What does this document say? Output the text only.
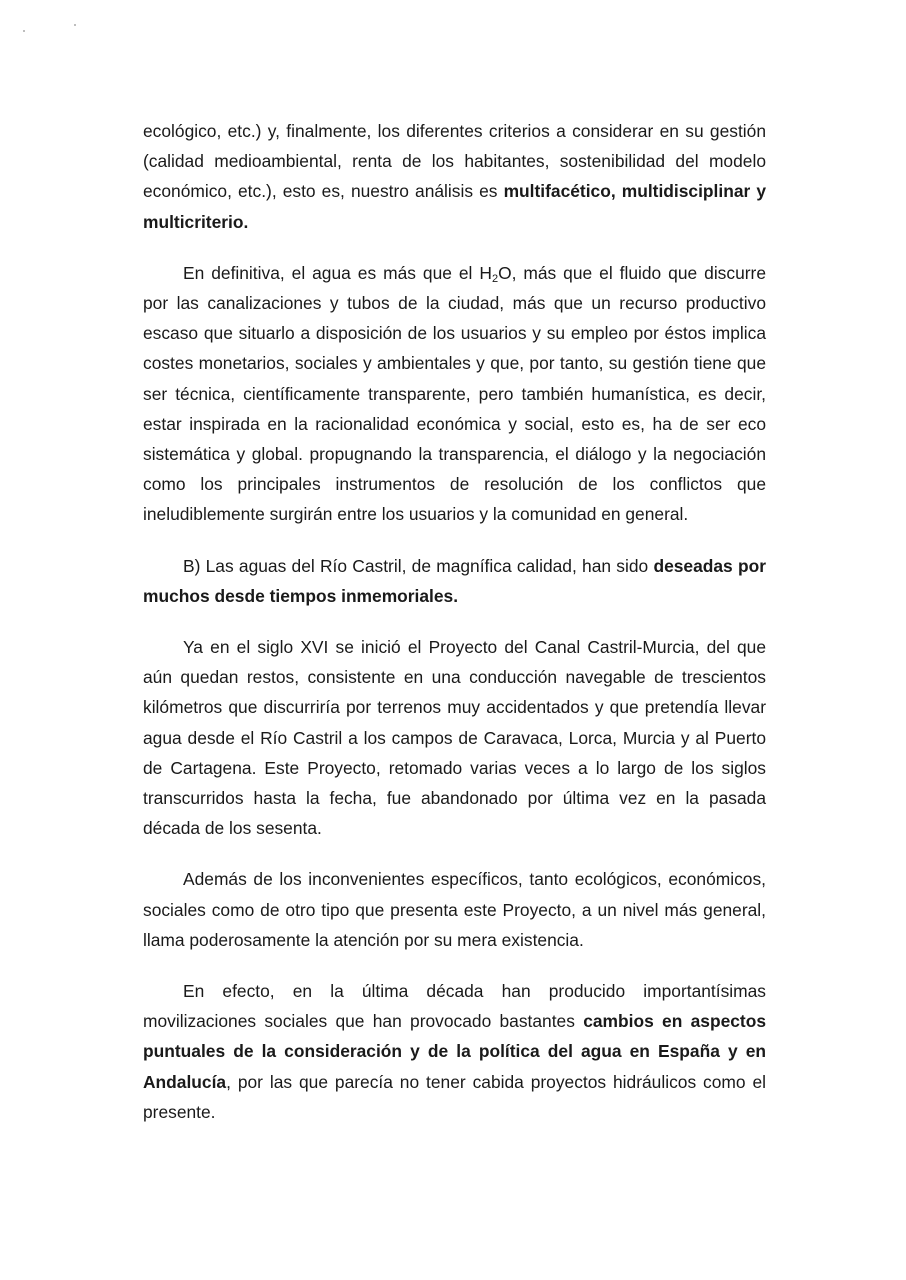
ecológico, etc.) y, finalmente, los diferentes criterios a considerar en su gestión (calidad medioambiental, renta de los habitantes, sostenibilidad del modelo económico, etc.), esto es, nuestro análisis es multifacético, multidisciplinar y multicriterio.

En definitiva, el agua es más que el $H_2O$, más que el fluido que discurre por las canalizaciones y tubos de la ciudad, más que un recurso productivo escaso que situarlo a disposición de los usuarios y su empleo por éstos implica costes monetarios, sociales y ambientales y que, por tanto, su gestión tiene que ser técnica, científicamente transparente, pero también humanística, es decir, estar inspirada en la racionalidad económica y social, esto es, ha de ser eco sistemática y global. propugnando la transparencia, el diálogo y la negociación como los principales instrumentos de resolución de los conflictos que ineludiblemente surgirán entre los usuarios y la comunidad en general.

B) Las aguas del Río Castril, de magnífica calidad, han sido deseadas por muchos desde tiempos inmemoriales.

Ya en el siglo XVI se inició el Proyecto del Canal Castril-Murcia, del que aún quedan restos, consistente en una conducción navegable de trescientos kilómetros que discurriría por terrenos muy accidentados y que pretendía llevar agua desde el Río Castril a los campos de Caravaca, Lorca, Murcia y al Puerto de Cartagena. Este Proyecto, retomado varias veces a lo largo de los siglos transcurridos hasta la fecha, fue abandonado por última vez en la pasada década de los sesenta.

Además de los inconvenientes específicos, tanto ecológicos, económicos, sociales como de otro tipo que presenta este Proyecto, a un nivel más general, llama poderosamente la atención por su mera existencia.

En efecto, en la última década han producido importantísimas movilizaciones sociales que han provocado bastantes cambios en aspectos puntuales de la consideración y de la política del agua en España y en Andalucía, por las que parecía no tener cabida proyectos hidráulicos como el presente.
